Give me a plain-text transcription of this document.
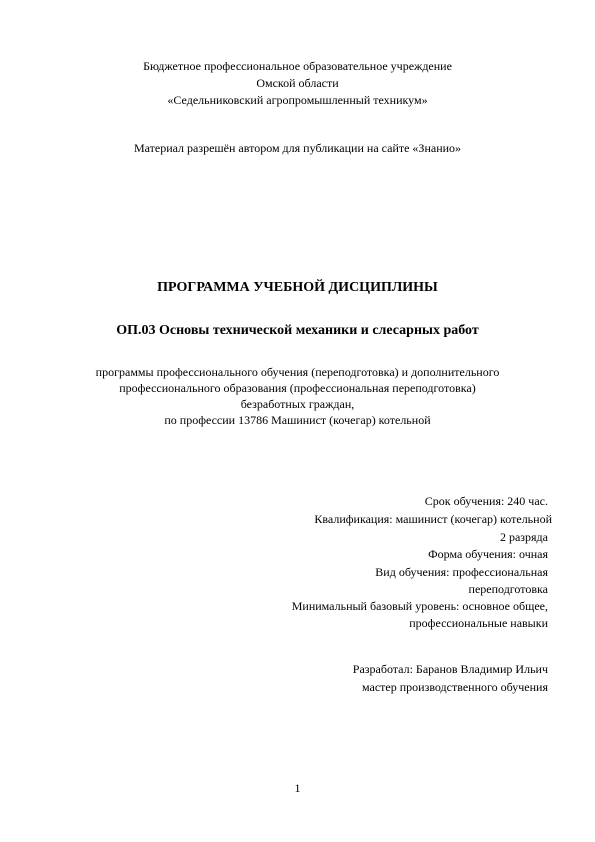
Бюджетное профессиональное образовательное учреждение
Омской области
«Седельниковский агропромышленный техникум»
Материал разрешён автором для публикации на сайте «Знанио»
ПРОГРАММА УЧЕБНОЙ ДИСЦИПЛИНЫ
ОП.03 Основы технической механики и слесарных работ
программы профессионального обучения (переподготовка) и дополнительного
профессионального образования (профессиональная переподготовка)
безработных граждан,
по профессии 13786 Машинист (кочегар) котельной
Срок обучения: 240 час.
Квалификация: машинист (кочегар) котельной
2 разряда
Форма обучения: очная
Вид обучения: профессиональная
переподготовка
Минимальный базовый уровень: основное общее,
профессиональные навыки
Разработал: Баранов Владимир Ильич
мастер производственного обучения
1
